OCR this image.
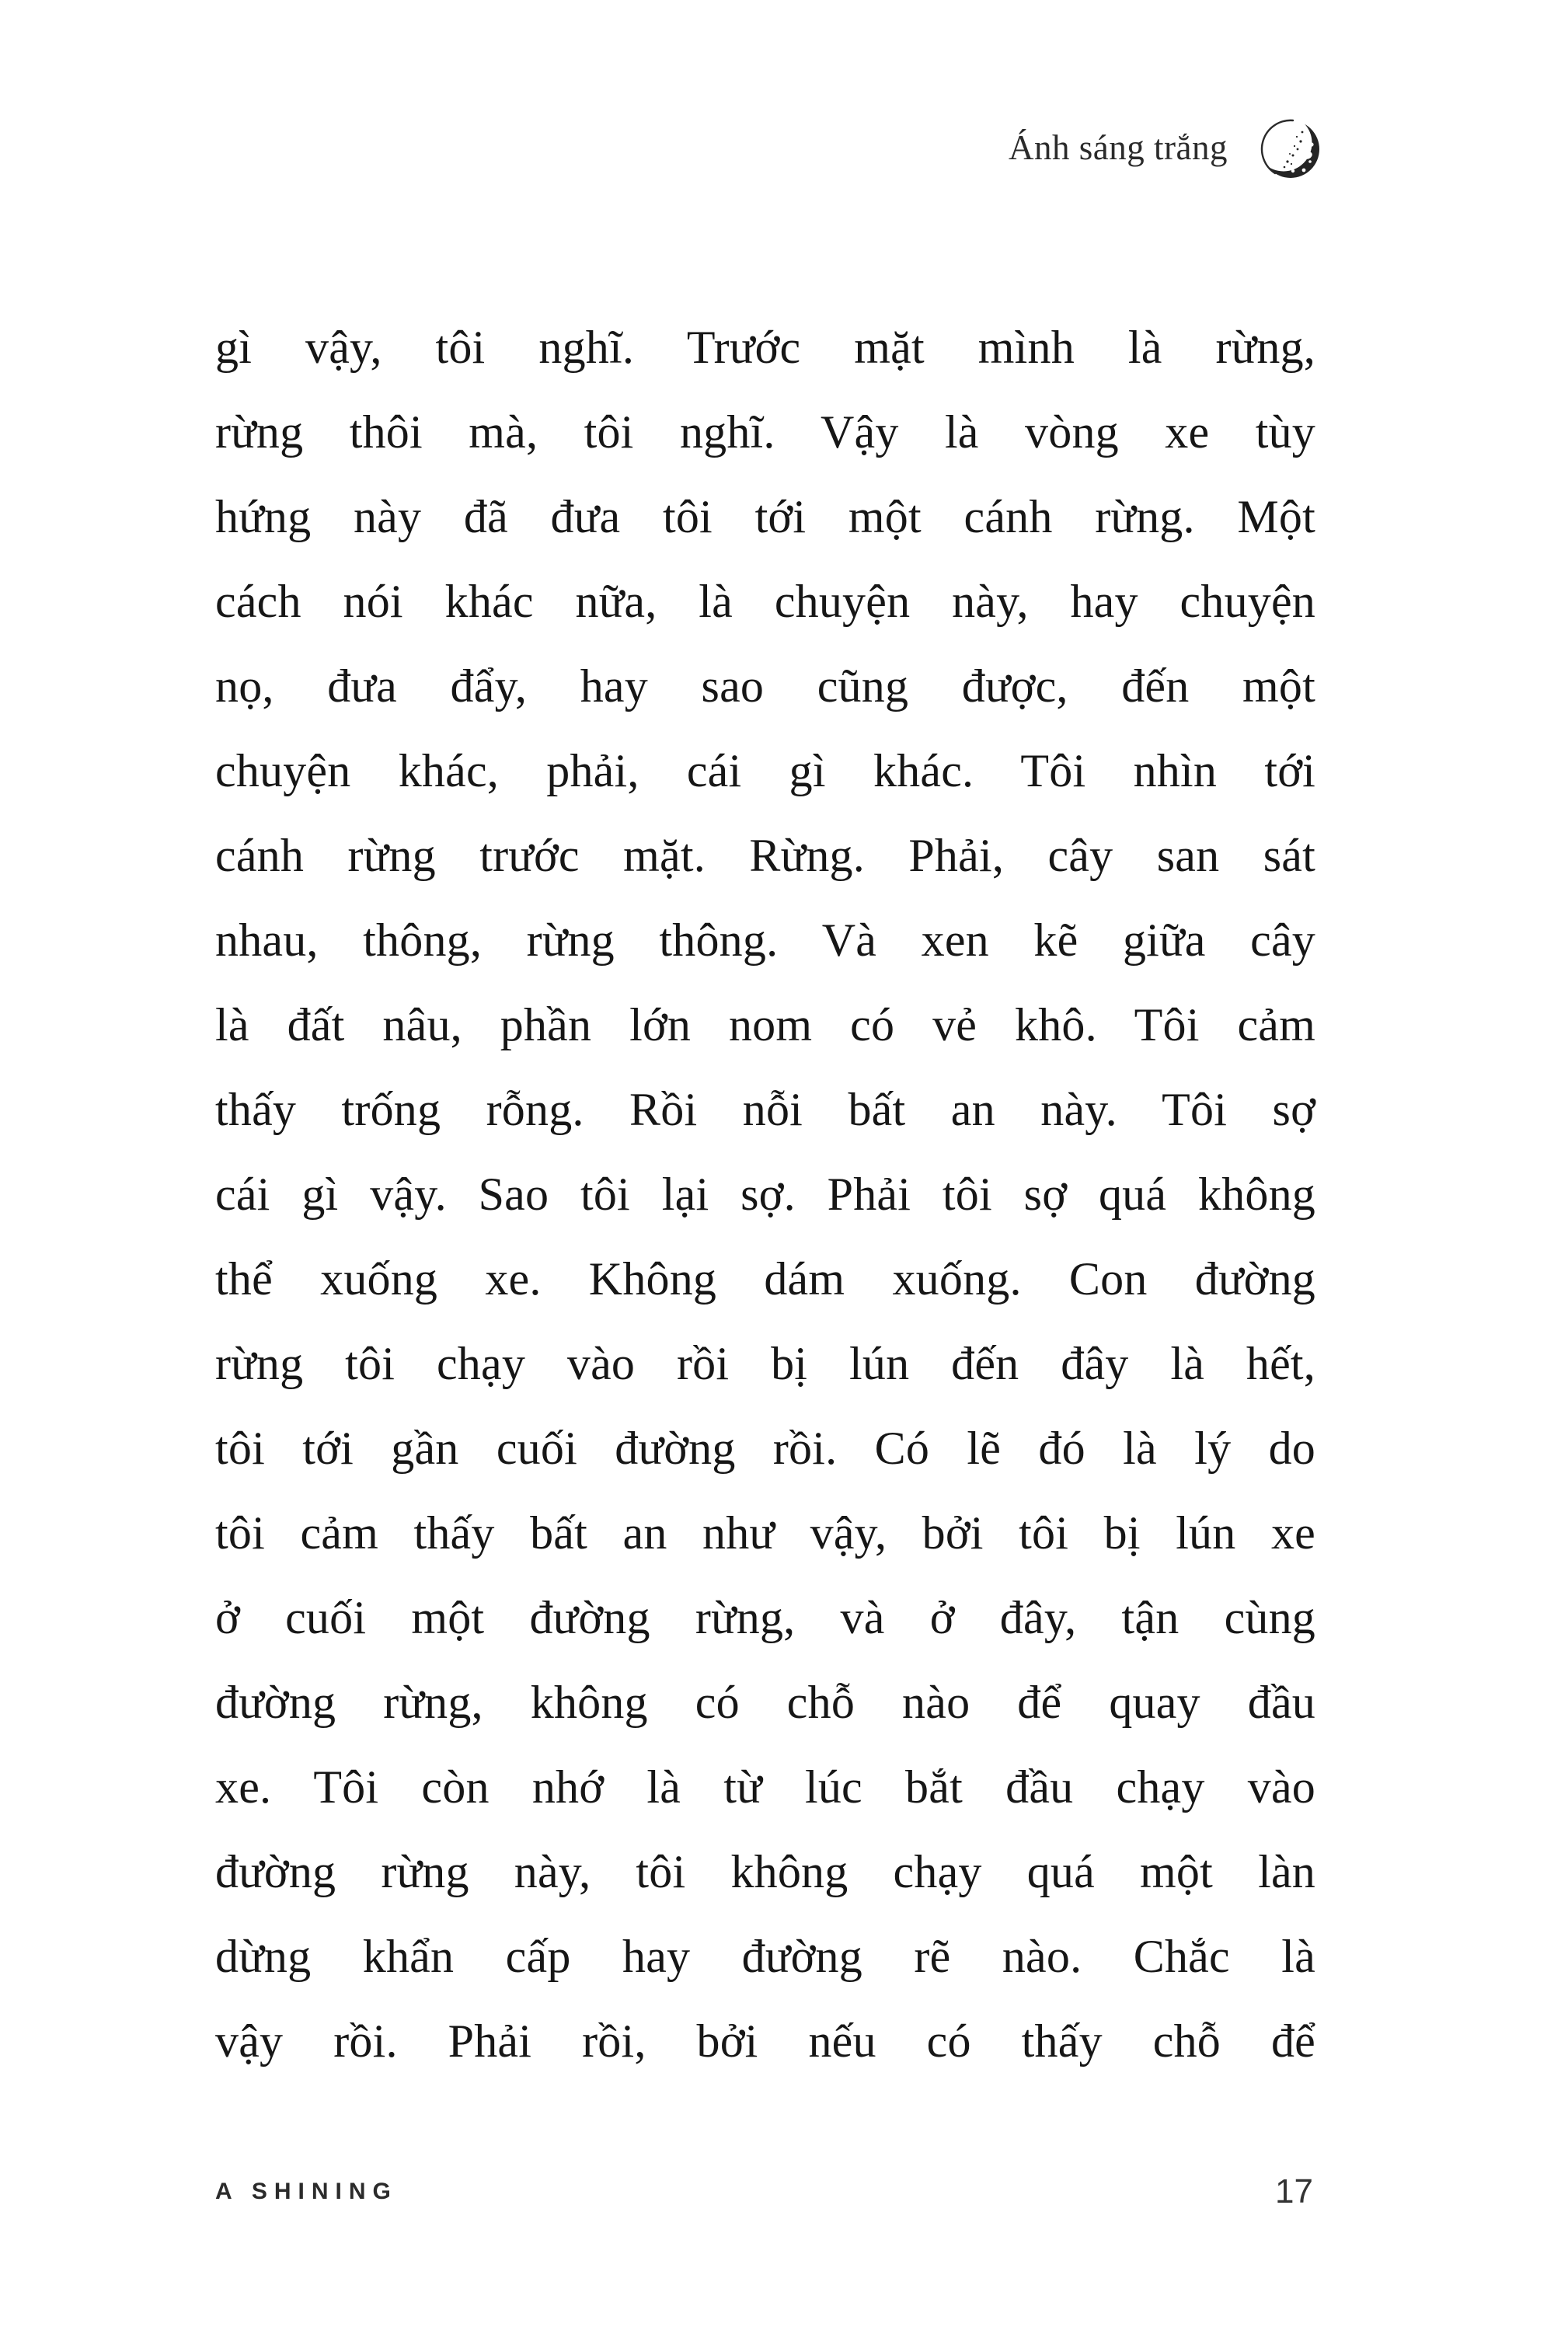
Ánh sáng trắng
gì vậy, tôi nghĩ. Trước mặt mình là rừng,
rừng thôi mà, tôi nghĩ. Vậy là vòng xe tùy
hứng này đã đưa tôi tới một cánh rừng. Một
cách nói khác nữa, là chuyện này, hay chuyện
nọ, đưa đẩy, hay sao cũng được, đến một
chuyện khác, phải, cái gì khác. Tôi nhìn tới
cánh rừng trước mặt. Rừng. Phải, cây san sát
nhau, thông, rừng thông. Và xen kẽ giữa cây
là đất nâu, phần lớn nom có vẻ khô. Tôi cảm
thấy trống rỗng. Rồi nỗi bất an này. Tôi sợ
cái gì vậy. Sao tôi lại sợ. Phải tôi sợ quá không
thể xuống xe. Không dám xuống. Con đường
rừng tôi chạy vào rồi bị lún đến đây là hết,
tôi tới gần cuối đường rồi. Có lẽ đó là lý do
tôi cảm thấy bất an như vậy, bởi tôi bị lún xe
ở cuối một đường rừng, và ở đây, tận cùng
đường rừng, không có chỗ nào để quay đầu
xe. Tôi còn nhớ là từ lúc bắt đầu chạy vào
đường rừng này, tôi không chạy quá một làn
dừng khẩn cấp hay đường rẽ nào. Chắc là
vậy rồi. Phải rồi, bởi nếu có thấy chỗ để
A SHINING	17
